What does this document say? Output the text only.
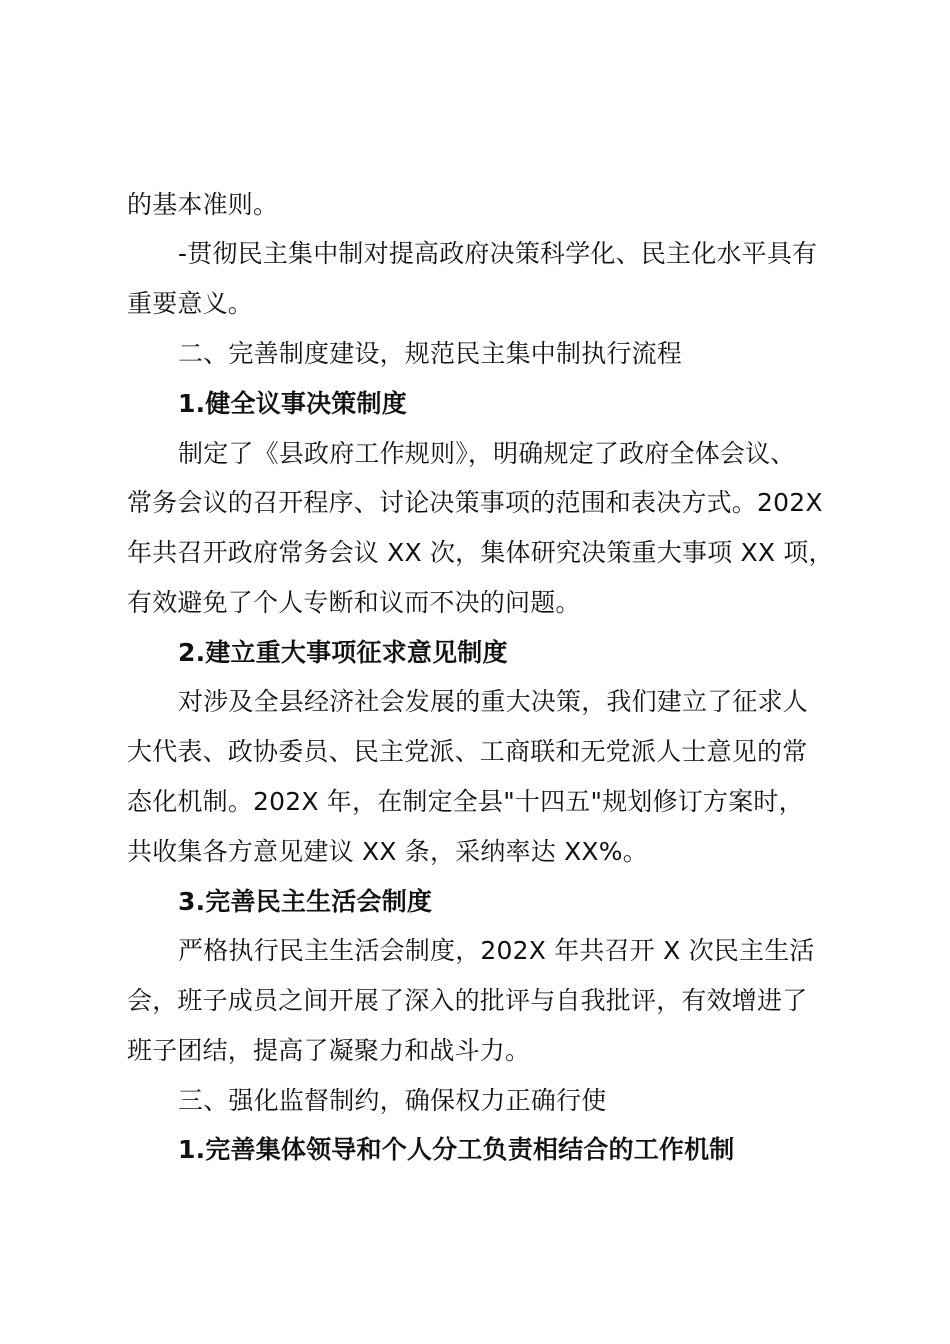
的基本准则。
-贯彻民主集中制对提高政府决策科学化、民主化水平具有
重要意义。
二、完善制度建设，规范民主集中制执行流程
1.健全议事决策制度
制定了《县政府工作规则》，明确规定了政府全体会议、
常务会议的召开程序、讨论决策事项的范围和表决方式。202X
年共召开政府常务会议 XX 次，集体研究决策重大事项 XX 项，
有效避免了个人专断和议而不决的问题。
2.建立重大事项征求意见制度
对涉及全县经济社会发展的重大决策，我们建立了征求人
大代表、政协委员、民主党派、工商联和无党派人士意见的常
态化机制。202X 年，在制定全县"十四五"规划修订方案时，
共收集各方意见建议 XX 条，采纳率达 XX%。
3.完善民主生活会制度
严格执行民主生活会制度，202X 年共召开 X 次民主生活
会，班子成员之间开展了深入的批评与自我批评，有效增进了
班子团结，提高了凝聚力和战斗力。
三、强化监督制约，确保权力正确行使
1.完善集体领导和个人分工负责相结合的工作机制
